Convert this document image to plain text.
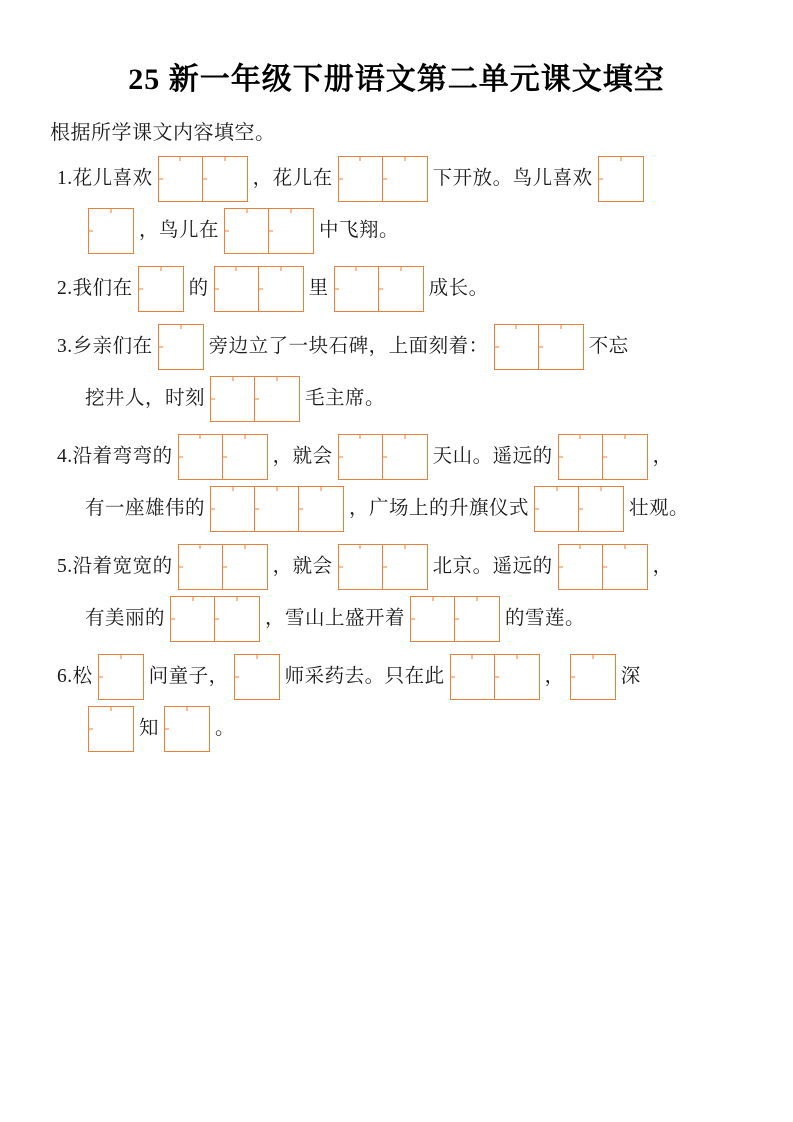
25 新一年级下册语文第二单元课文填空
根据所学课文内容填空。
1.花儿喜欢	，花儿在	下开放。鸟儿喜欢
，鸟儿在	中飞翔。
2.我们在	的	里	成长。
3.乡亲们在	旁边立了一块石碑，上面刻着：	不忘
挖井人，时刻	毛主席。
4.沿着弯弯的	，就会	天山。遥远的	，
有一座雄伟的	，广场上的升旗仪式	壮观。
5.沿着宽宽的	，就会	北京。遥远的	，
有美丽的	，雪山上盛开着	的雪莲。
6.松	问童子，	师采药去。只在此	，	深
知	。
